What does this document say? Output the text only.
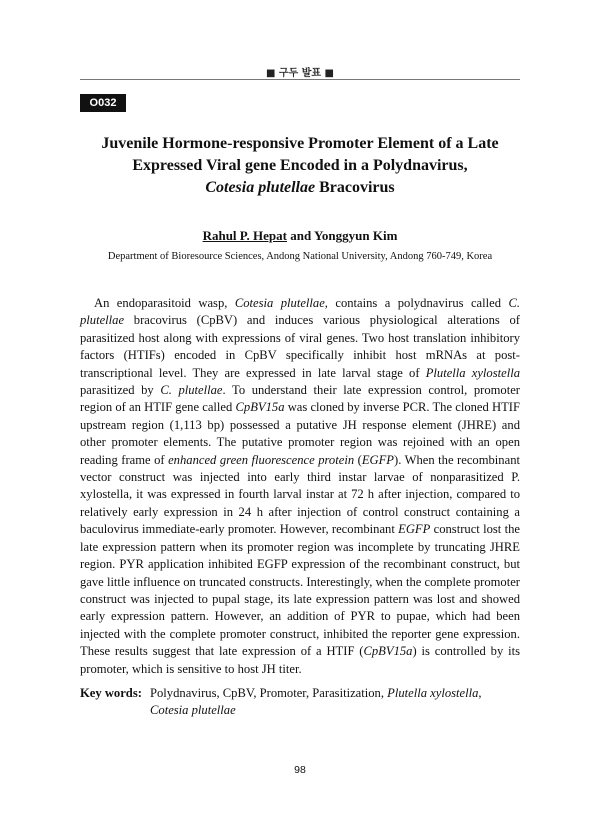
■ 구두 발표 ■
O032
Juvenile Hormone-responsive Promoter Element of a Late
Expressed Viral gene Encoded in a Polydnavirus,
Cotesia plutellae Bracovirus
Rahul P. Hepat and Yonggyun Kim
Department of Bioresource Sciences, Andong National University, Andong 760-749, Korea

An endoparasitoid wasp, Cotesia plutellae, contains a polydnavirus called C. plutellae bracovirus (CpBV) and induces various physiological alterations of parasitized host along with expressions of viral genes. Two host translation inhibitory factors (HTIFs) encoded in CpBV specifically inhibit host mRNAs at post-transcriptional level. They are expressed in late larval stage of Plutella xylostella parasitized by C. plutellae. To understand their late expression control, promoter region of an HTIF gene called CpBV15a was cloned by inverse PCR. The cloned HTIF upstream region (1,113 bp) possessed a putative JH response element (JHRE) and other promoter elements. The putative promoter region was rejoined with an open reading frame of enhanced green fluorescence protein (EGFP). When the recombinant vector construct was injected into early third instar larvae of nonparasitized P. xylostella, it was expressed in fourth larval instar at 72 h after injection, compared to relatively early expression in 24 h after injection of control construct containing a baculovirus immediate-early promoter. However, recombinant EGFP construct lost the late expression pattern when its promoter region was incomplete by truncating JHRE region. PYR application inhibited EGFP expression of the recombinant construct, but gave little influence on truncated constructs. Interestingly, when the complete promoter construct was injected to pupal stage, its late expression pattern was lost and showed early expression pattern. However, an addition of PYR to pupae, which had been injected with the complete promoter construct, inhibited the reporter gene expression. These results suggest that late expression of a HTIF (CpBV15a) is controlled by its promoter, which is sensitive to host JH titer.

Key words: Polydnavirus, CpBV, Promoter, Parasitization, Plutella xylostella, Cotesia plutellae
98
